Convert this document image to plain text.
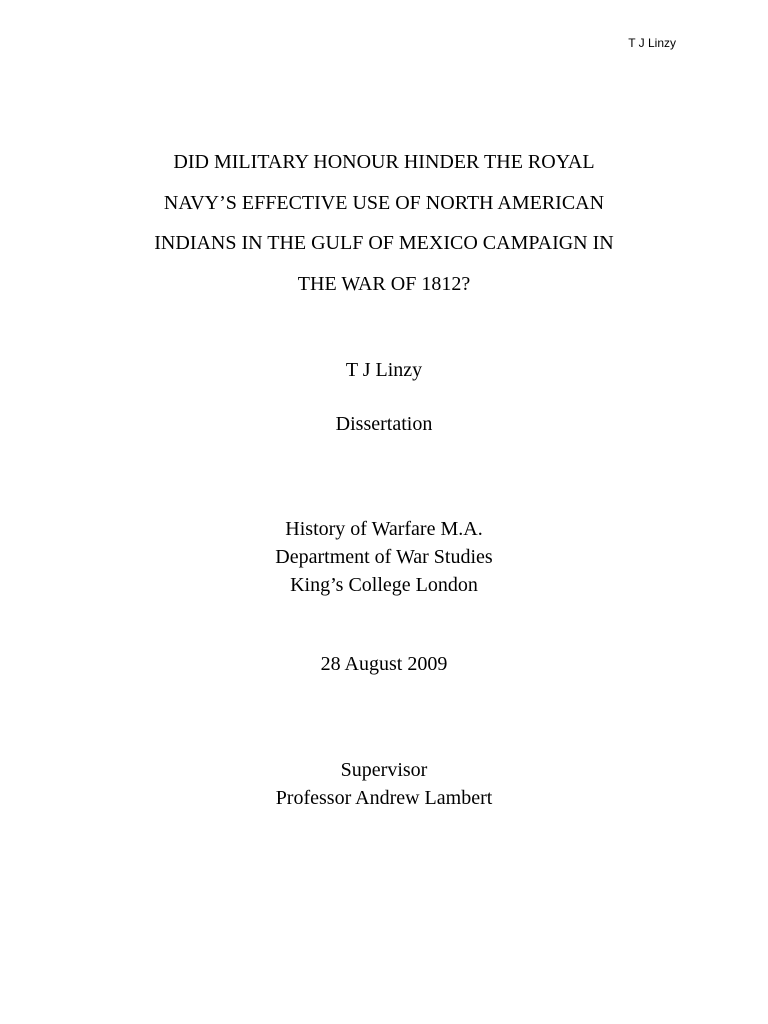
T J Linzy
DID MILITARY HONOUR HINDER THE ROYAL
NAVY’S EFFECTIVE USE OF NORTH AMERICAN
INDIANS IN THE GULF OF MEXICO CAMPAIGN IN
THE WAR OF 1812?
T J Linzy
Dissertation
History of Warfare M.A.
Department of War Studies
King’s College London
28 August 2009
Supervisor
Professor Andrew Lambert
